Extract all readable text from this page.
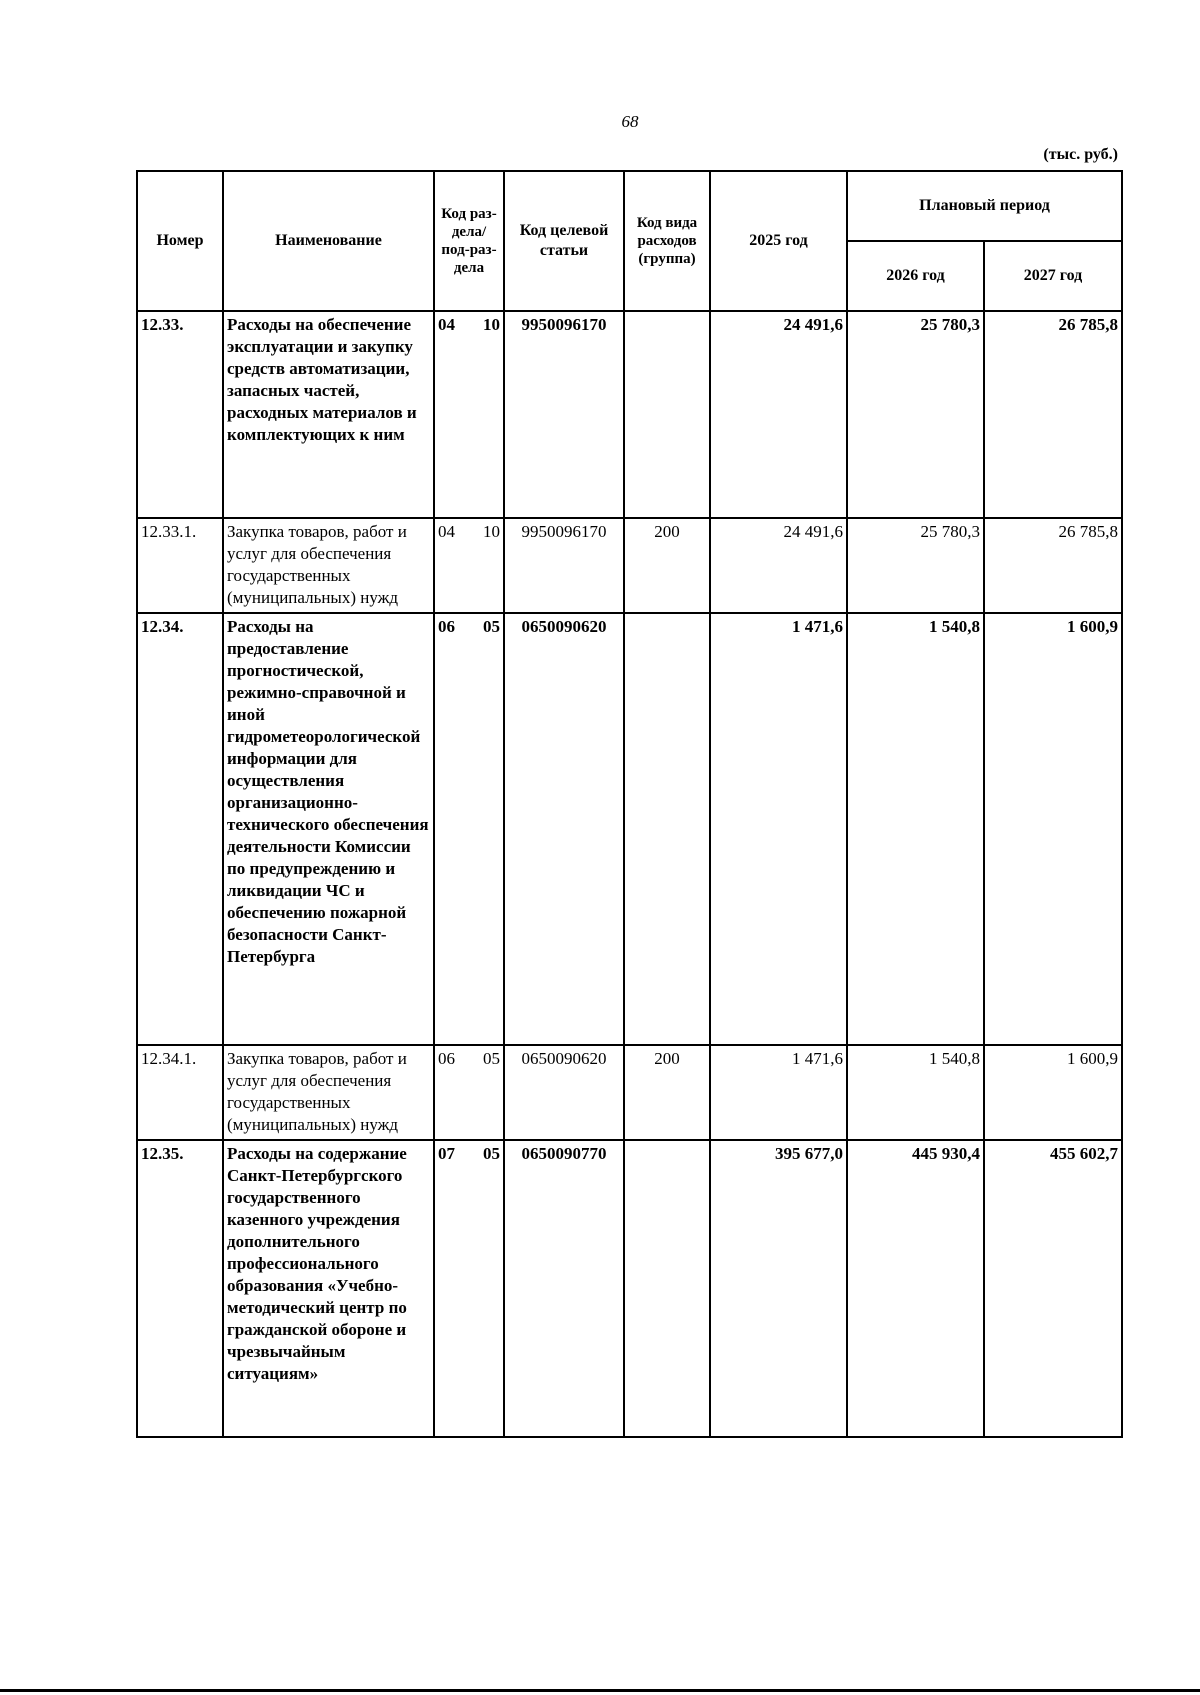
68
(тыс. руб.)
Номер	Наименование	Код раз-дела/ под-раз-дела	Код целевой статьи	Код вида расходов (группа)	2025 год	Плановый период	
						2026 год	2027 год
12.33.	Расходы на обеспечение эксплуатации и закупку средств автоматизации, запасных частей, расходных материалов и комплектующих к ним	04 10	9950096170		24 491,6	25 780,3	26 785,8
12.33.1.	Закупка товаров, работ и услуг для обеспечения государственных (муниципальных) нужд	04 10	9950096170	200	24 491,6	25 780,3	26 785,8
12.34.	Расходы на предоставление прогностической, режимно-справочной и иной гидрометеорологической информации для осуществления организационно-технического обеспечения деятельности Комиссии по предупреждению и ликвидации ЧС и обеспечению пожарной безопасности Санкт-Петербурга	06 05	0650090620		1 471,6	1 540,8	1 600,9
12.34.1.	Закупка товаров, работ и услуг для обеспечения государственных (муниципальных) нужд	06 05	0650090620	200	1 471,6	1 540,8	1 600,9
12.35.	Расходы на содержание Санкт-Петербургского государственного казенного учреждения дополнительного профессионального образования «Учебно-методический центр по гражданской обороне и чрезвычайным ситуациям»	07 05	0650090770		395 677,0	445 930,4	455 602,7
